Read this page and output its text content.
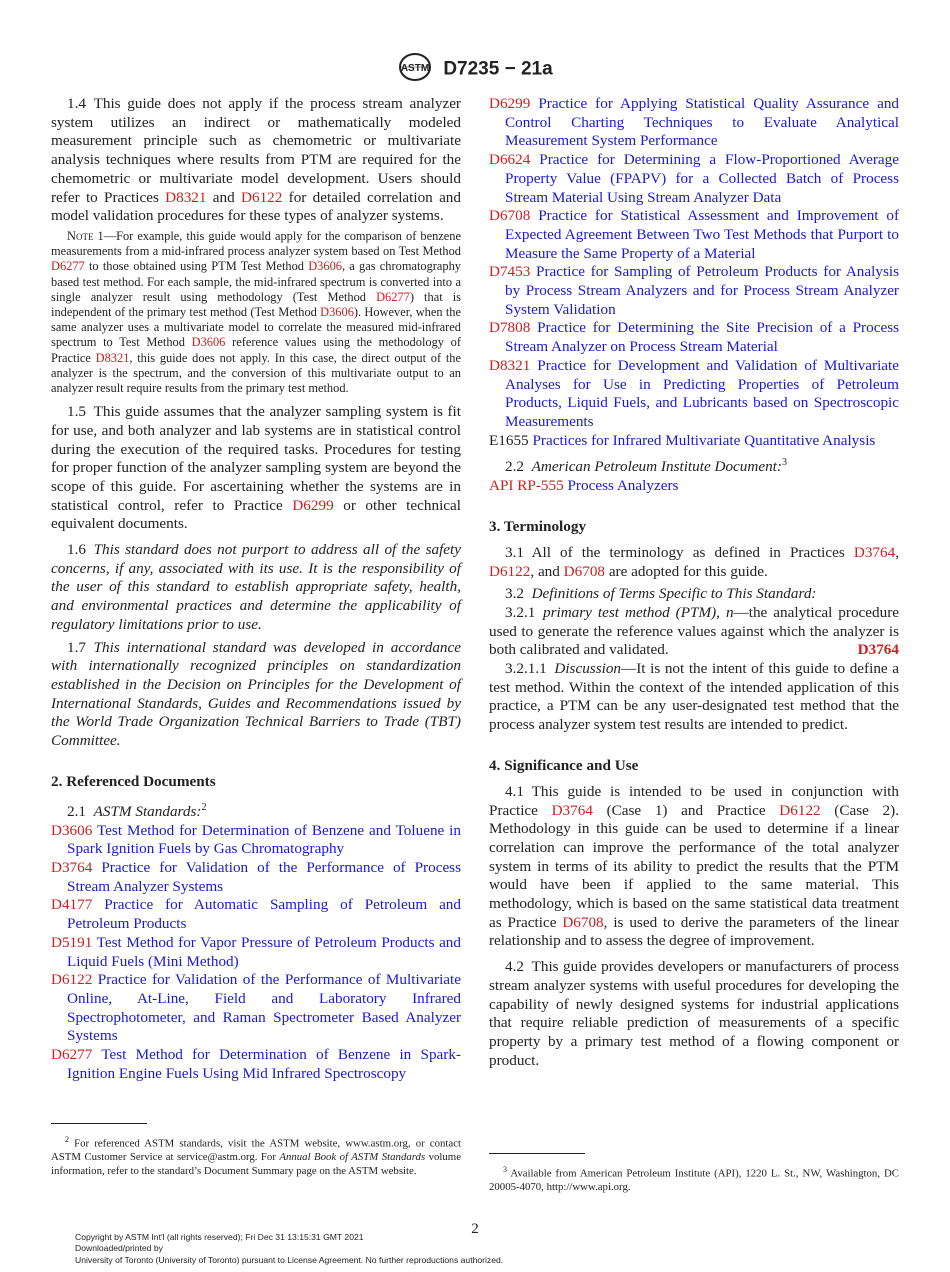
ASTM D7235 − 21a

1.4  This guide does not apply if the process stream analyzer system utilizes an indirect or mathematically modeled measurement principle such as chemometric or multivariate analysis techniques where results from PTM are required for the chemometric or multivariate model development. Users should refer to Practices D8321 and D6122 for detailed correlation and model validation procedures for these types of analyzer systems.

Note 1—For example, this guide would apply for the comparison of benzene measurements from a mid-infrared process analyzer system based on Test Method D6277 to those obtained using PTM Test Method D3606, a gas chromatography based test method. For each sample, the mid-infrared spectrum is converted into a single analyzer result using methodology (Test Method D6277) that is independent of the primary test method (Test Method D3606). However, when the same analyzer uses a multivariate model to correlate the measured mid-infrared spectrum to Test Method D3606 reference values using the methodology of Practice D8321, this guide does not apply. In this case, the direct output of the analyzer is the spectrum, and the conversion of this multivariate output to an analyzer result require results from the primary test method.

1.5  This guide assumes that the analyzer sampling system is fit for use, and both analyzer and lab systems are in statistical control during the execution of the required tasks. Procedures for testing for proper function of the analyzer sampling system are beyond the scope of this guide. For ascertaining whether the systems are in statistical control, refer to Practice D6299 or other technical equivalent documents.

1.6  This standard does not purport to address all of the safety concerns, if any, associated with its use. It is the responsibility of the user of this standard to establish appropriate safety, health, and environmental practices and determine the applicability of regulatory limitations prior to use.

1.7  This international standard was developed in accordance with internationally recognized principles on standardization established in the Decision on Principles for the Development of International Standards, Guides and Recommendations issued by the World Trade Organization Technical Barriers to Trade (TBT) Committee.

2. Referenced Documents

2.1  ASTM Standards:$^2$

D3606 Test Method for Determination of Benzene and Toluene in Spark Ignition Fuels by Gas Chromatography
D3764 Practice for Validation of the Performance of Process Stream Analyzer Systems
D4177 Practice for Automatic Sampling of Petroleum and Petroleum Products
D5191 Test Method for Vapor Pressure of Petroleum Products and Liquid Fuels (Mini Method)
D6122 Practice for Validation of the Performance of Multivariate Online, At-Line, Field and Laboratory Infrared Spectrophotometer, and Raman Spectrometer Based Analyzer Systems
D6277 Test Method for Determination of Benzene in Spark-Ignition Engine Fuels Using Mid Infrared Spectroscopy
$^2$ For referenced ASTM standards, visit the ASTM website, www.astm.org, or contact ASTM Customer Service at service@astm.org. For Annual Book of ASTM Standards volume information, refer to the standard’s Document Summary page on the ASTM website.
D6299 Practice for Applying Statistical Quality Assurance and Control Charting Techniques to Evaluate Analytical Measurement System Performance
D6624 Practice for Determining a Flow-Proportioned Average Property Value (FPAPV) for a Collected Batch of Process Stream Material Using Stream Analyzer Data
D6708 Practice for Statistical Assessment and Improvement of Expected Agreement Between Two Test Methods that Purport to Measure the Same Property of a Material
D7453 Practice for Sampling of Petroleum Products for Analysis by Process Stream Analyzers and for Process Stream Analyzer System Validation
D7808 Practice for Determining the Site Precision of a Process Stream Analyzer on Process Stream Material
D8321 Practice for Development and Validation of Multivariate Analyses for Use in Predicting Properties of Petroleum Products, Liquid Fuels, and Lubricants based on Spectroscopic Measurements
E1655 Practices for Infrared Multivariate Quantitative Analysis

2.2  American Petroleum Institute Document:$^3$

API RP-555 Process Analyzers
3. Terminology

3.1  All of the terminology as defined in Practices D3764, D6122, and D6708 are adopted for this guide.

3.2  Definitions of Terms Specific to This Standard:

3.2.1  primary test method (PTM), n—the analytical procedure used to generate the reference values against which the analyzer is both calibrated and validated.	D3764

3.2.1.1  Discussion—It is not the intent of this guide to define a test method. Within the context of the intended application of this practice, a PTM can be any user-designated test method that the process analyzer system test results are intended to predict.

4. Significance and Use

4.1  This guide is intended to be used in conjunction with Practice D3764 (Case 1) and Practice D6122 (Case 2). Methodology in this guide can be used to determine if a linear correlation can improve the performance of the total analyzer system in terms of its ability to predict the results that the PTM would have been if applied to the same material. This methodology, which is based on the same statistical data treatment as Practice D6708, is used to derive the parameters of the linear relationship and to assess the degree of improvement.

4.2  This guide provides developers or manufacturers of process stream analyzer systems with useful procedures for developing the capability of newly designed systems for industrial applications that require reliable prediction of measurements of a specific property by a primary test method of a flowing component or product.

$^3$ Available from American Petroleum Institute (API), 1220 L. St., NW, Washington, DC 20005-4070, http://www.api.org.
2
Copyright by ASTM Int'l (all rights reserved); Fri Dec 31 13:15:31 GMT 2021
Downloaded/printed by
University of Toronto (University of Toronto) pursuant to License Agreement. No further reproductions authorized.
